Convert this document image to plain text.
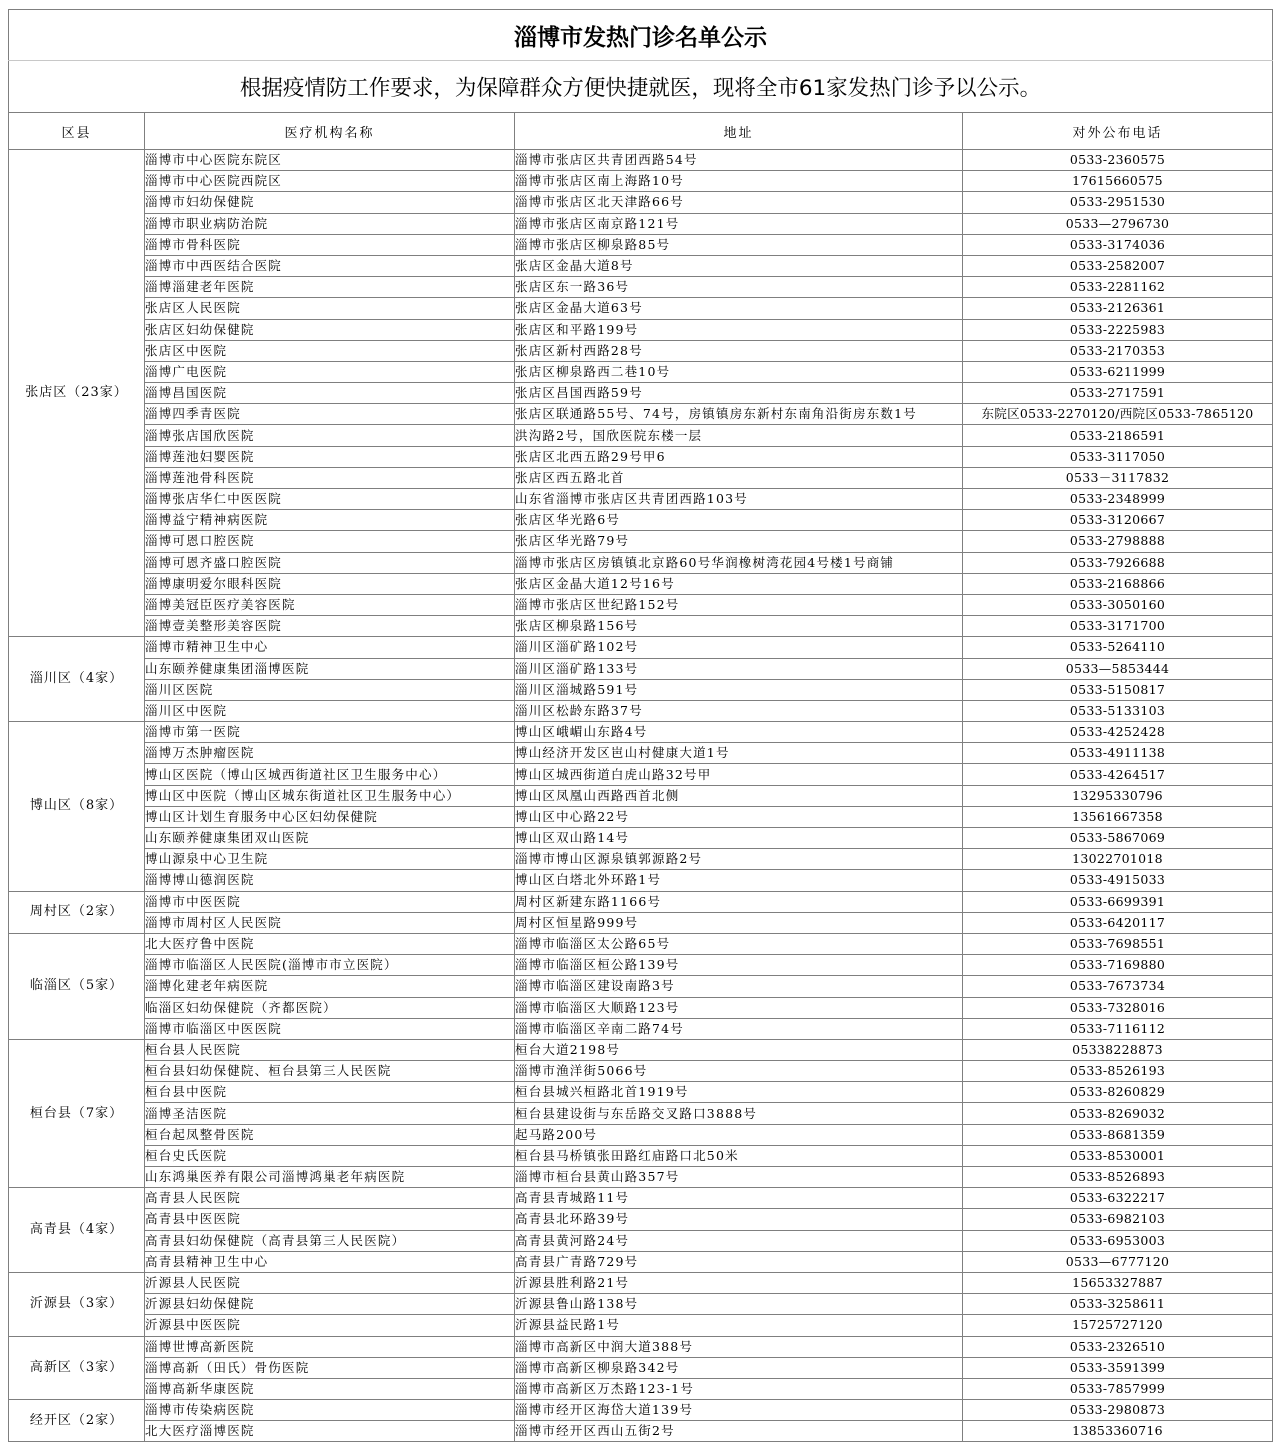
淄博市发热门诊名单公示			
根据疫情防工作要求，为保障群众方便快捷就医，现将全市61家发热门诊予以公示。			
区县	医疗机构名称	地址	对外公布电话
张店区（23家）	淄博市中心医院东院区	淄博市张店区共青团西路54号	0533-2360575
	淄博市中心医院西院区	淄博市张店区南上海路10号	17615660575
	淄博市妇幼保健院	淄博市张店区北天津路66号	0533-2951530
	淄博市职业病防治院	淄博市张店区南京路121号	0533—2796730
	淄博市骨科医院	淄博市张店区柳泉路85号	0533-3174036
	淄博市中西医结合医院	张店区金晶大道8号	0533-2582007
	淄博淄建老年医院	张店区东一路36号	0533-2281162
	张店区人民医院	张店区金晶大道63号	0533-2126361
	张店区妇幼保健院	张店区和平路199号	0533-2225983
	张店区中医院	张店区新村西路28号	0533-2170353
	淄博广电医院	张店区柳泉路西二巷10号	0533-6211999
	淄博昌国医院	张店区昌国西路59号	0533-2717591
	淄博四季青医院	张店区联通路55号、74号，房镇镇房东新村东南角沿街房东数1号	东院区0533-2270120/西院区0533-7865120
	淄博张店国欣医院	洪沟路2号，国欣医院东楼一层	0533-2186591
	淄博莲池妇婴医院	张店区北西五路29号甲6	0533-3117050
	淄博莲池骨科医院	张店区西五路北首	0533－3117832
	淄博张店华仁中医医院	山东省淄博市张店区共青团西路103号	0533-2348999
	淄博益宁精神病医院	张店区华光路6号	0533-3120667
	淄博可恩口腔医院	张店区华光路79号	0533-2798888
	淄博可恩齐盛口腔医院	淄博市张店区房镇镇北京路60号华润橡树湾花园4号楼1号商铺	0533-7926688
	淄博康明爱尔眼科医院	张店区金晶大道12号16号	0533-2168866
	淄博美冠臣医疗美容医院	淄博市张店区世纪路152号	0533-3050160
	淄博壹美整形美容医院	张店区柳泉路156号	0533-3171700
淄川区（4家）	淄博市精神卫生中心	淄川区淄矿路102号	0533-5264110
	山东颐养健康集团淄博医院	淄川区淄矿路133号	0533—5853444
	淄川区医院	淄川区淄城路591号	0533-5150817
	淄川区中医院	淄川区松龄东路37号	0533-5133103
博山区（8家）	淄博市第一医院	博山区峨嵋山东路4号	0533-4252428
	淄博万杰肿瘤医院	博山经济开发区岜山村健康大道1号	0533-4911138
	博山区医院（博山区城西街道社区卫生服务中心）	博山区城西街道白虎山路32号甲	0533-4264517
	博山区中医院（博山区城东街道社区卫生服务中心）	博山区凤凰山西路西首北侧	13295330796
	博山区计划生育服务中心区妇幼保健院	博山区中心路22号	13561667358
	山东颐养健康集团双山医院	博山区双山路14号	0533-5867069
	博山源泉中心卫生院	淄博市博山区源泉镇郭源路2号	13022701018
	淄博博山德润医院	博山区白塔北外环路1号	0533-4915033
周村区（2家）	淄博市中医医院	周村区新建东路1166号	0533-6699391
	淄博市周村区人民医院	周村区恒星路999号	0533-6420117
临淄区（5家）	北大医疗鲁中医院	淄博市临淄区太公路65号	0533-7698551
	淄博市临淄区人民医院(淄博市市立医院）	淄博市临淄区桓公路139号	0533-7169880
	淄博化建老年病医院	淄博市临淄区建设南路3号	0533-7673734
	临淄区妇幼保健院（齐都医院）	淄博市临淄区大顺路123号	0533-7328016
	淄博市临淄区中医医院	淄博市临淄区辛南二路74号	0533-7116112
桓台县（7家）	桓台县人民医院	桓台大道2198号	05338228873
	桓台县妇幼保健院、桓台县第三人民医院	淄博市渔洋街5066号	0533-8526193
	桓台县中医院	桓台县城兴桓路北首1919号	0533-8260829
	淄博圣洁医院	桓台县建设街与东岳路交叉路口3888号	0533-8269032
	桓台起凤整骨医院	起马路200号	0533-8681359
	桓台史氏医院	桓台县马桥镇张田路红庙路口北50米	0533-8530001
	山东鸿巢医养有限公司淄博鸿巢老年病医院	淄博市桓台县黄山路357号	0533-8526893
高青县（4家）	高青县人民医院	高青县青城路11号	0533-6322217
	高青县中医医院	高青县北环路39号	0533-6982103
	高青县妇幼保健院（高青县第三人民医院）	高青县黄河路24号	0533-6953003
	高青县精神卫生中心	高青县广青路729号	0533—6777120
沂源县（3家）	沂源县人民医院	沂源县胜利路21号	15653327887
	沂源县妇幼保健院	沂源县鲁山路138号	0533-3258611
	沂源县中医医院	沂源县益民路1号	15725727120
高新区（3家）	淄博世博高新医院	淄博市高新区中润大道388号	0533-2326510
	淄博高新（田氏）骨伤医院	淄博市高新区柳泉路342号	0533-3591399
	淄博高新华康医院	淄博市高新区万杰路123-1号	0533-7857999
经开区（2家）	淄博市传染病医院	淄博市经开区海岱大道139号	0533-2980873
	北大医疗淄博医院	淄博市经开区西山五街2号	13853360716
